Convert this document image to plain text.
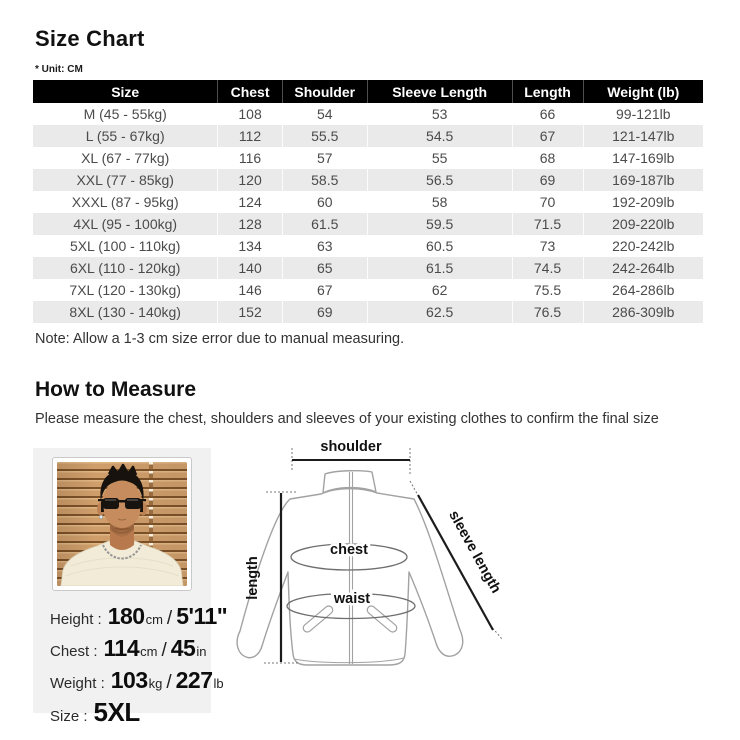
Size Chart
* Unit: CM
Size	Chest	Shoulder	Sleeve Length	Length	Weight (lb)
M (45 - 55kg)	108	54	53	66	99-121lb
L (55 - 67kg)	112	55.5	54.5	67	121-147lb
XL (67 - 77kg)	116	57	55	68	147-169lb
XXL (77 - 85kg)	120	58.5	56.5	69	169-187lb
XXXL (87 - 95kg)	124	60	58	70	192-209lb
4XL (95 - 100kg)	128	61.5	59.5	71.5	209-220lb
5XL (100 - 110kg)	134	63	60.5	73	220-242lb
6XL (110 - 120kg)	140	65	61.5	74.5	242-264lb
7XL (120 - 130kg)	146	67	62	75.5	264-286lb
8XL (130 - 140kg)	152	69	62.5	76.5	286-309lb
Note: Allow a 1-3 cm size error due to manual measuring.
How to Measure
Please measure the chest, shoulders and sleeves of your existing clothes to confirm the final size
Height : 180 cm / 5'11"
Chest : 114 cm / 45 in
Weight : 103 kg / 227 lb
Size : 5XL
shoulder
chest
waist
length	sleeve length
